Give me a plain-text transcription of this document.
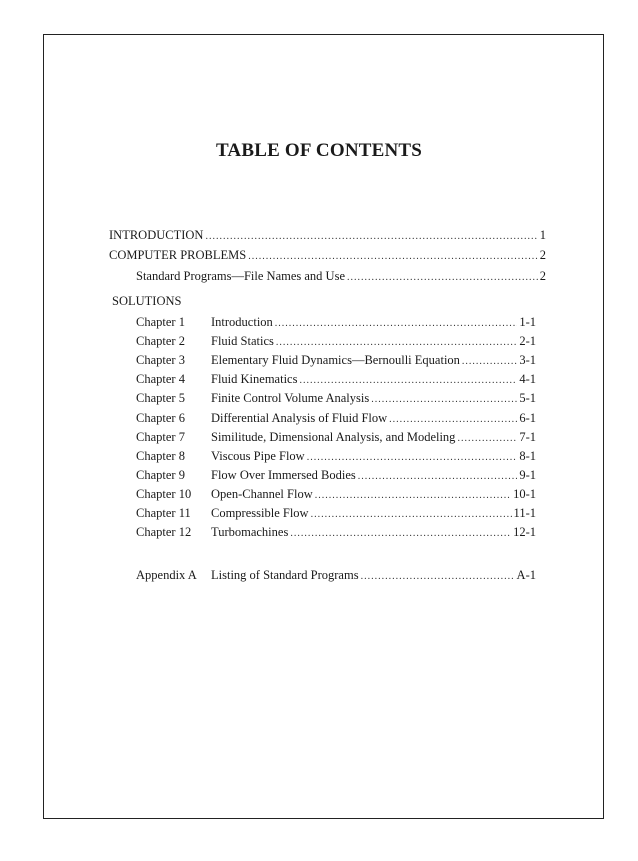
TABLE OF CONTENTS
INTRODUCTION .....	1
COMPUTER PROBLEMS .....	2
Standard Programs—File Names and Use .....	2
SOLUTIONS
Chapter 1 Introduction .....	1-1
Chapter 2 Fluid Statics .....	2-1
Chapter 3 Elementary Fluid Dynamics—Bernoulli Equation .....	3-1
Chapter 4 Fluid Kinematics .....	4-1
Chapter 5 Finite Control Volume Analysis .....	5-1
Chapter 6 Differential Analysis of Fluid Flow .....	6-1
Chapter 7 Similitude, Dimensional Analysis, and Modeling .....	7-1
Chapter 8 Viscous Pipe Flow .....	8-1
Chapter 9 Flow Over Immersed Bodies .....	9-1
Chapter 10 Open-Channel Flow .....	10-1
Chapter 11 Compressible Flow .....	11-1
Chapter 12 Turbomachines .....	12-1
Appendix A Listing of Standard Programs .....	A-1
